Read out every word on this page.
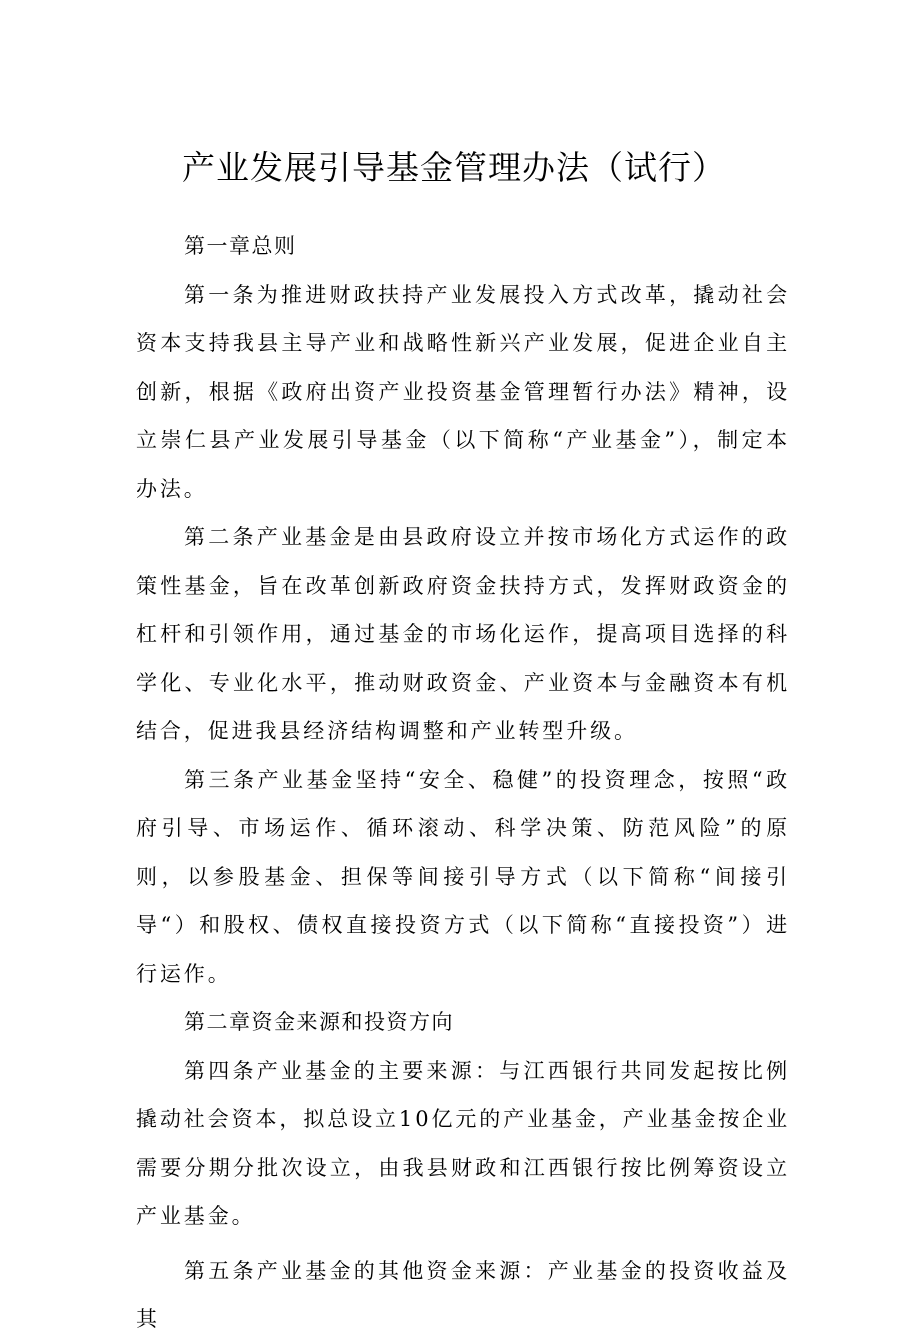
产业发展引导基金管理办法（试行）

第一章总则

第一条为推进财政扶持产业发展投入方式改革，撬动社会资本支持我县主导产业和战略性新兴产业发展，促进企业自主创新，根据《政府出资产业投资基金管理暂行办法》精神，设立崇仁县产业发展引导基金（以下简称“产业基金”），制定本办法。

第二条产业基金是由县政府设立并按市场化方式运作的政策性基金，旨在改革创新政府资金扶持方式，发挥财政资金的杠杆和引领作用，通过基金的市场化运作，提高项目选择的科学化、专业化水平，推动财政资金、产业资本与金融资本有机结合，促进我县经济结构调整和产业转型升级。

第三条产业基金坚持“安全、稳健”的投资理念，按照“政府引导、市场运作、循环滚动、科学决策、防范风险”的原则，以参股基金、担保等间接引导方式（以下简称“间接引导“）和股权、债权直接投资方式（以下简称“直接投资”）进行运作。

第二章资金来源和投资方向

第四条产业基金的主要来源：与江西银行共同发起按比例撬动社会资本，拟总设立10亿元的产业基金，产业基金按企业需要分期分批次设立，由我县财政和江西银行按比例筹资设立产业基金。

第五条产业基金的其他资金来源：产业基金的投资收益及其
